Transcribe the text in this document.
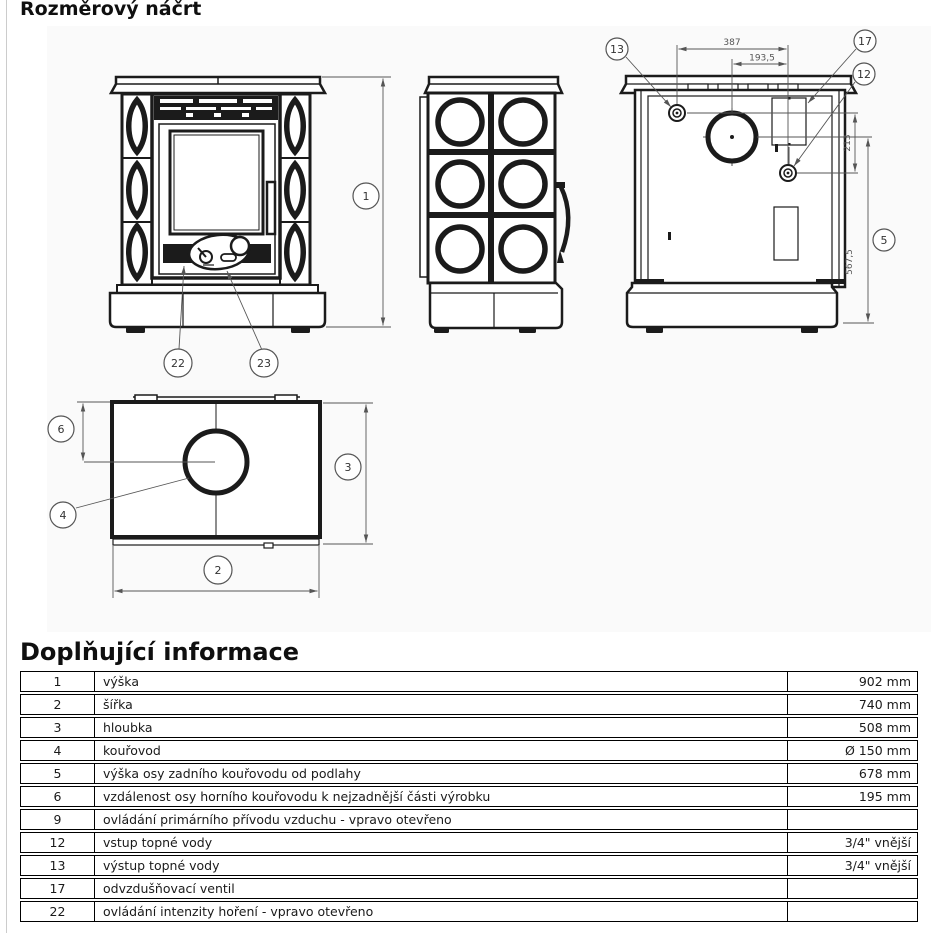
Rozměrový náčrt
1
22	23
387
193,5
213
567,5
13
17
12
5
6
3
4
2
Doplňující informace
1	výška	902 mm
2	šířka	740 mm
3	hloubka	508 mm
4	kouřovod	Ø 150 mm
5	výška osy zadního kouřovodu od podlahy	678 mm
6	vzdálenost osy horního kouřovodu k nejzadnější části výrobku	195 mm
9	ovládání primárního přívodu vzduchu - vpravo otevřeno
12	vstup topné vody	3/4" vnější
13	výstup topné vody	3/4" vnější
17	odvzdušňovací ventil
22	ovládání intenzity hoření - vpravo otevřeno
